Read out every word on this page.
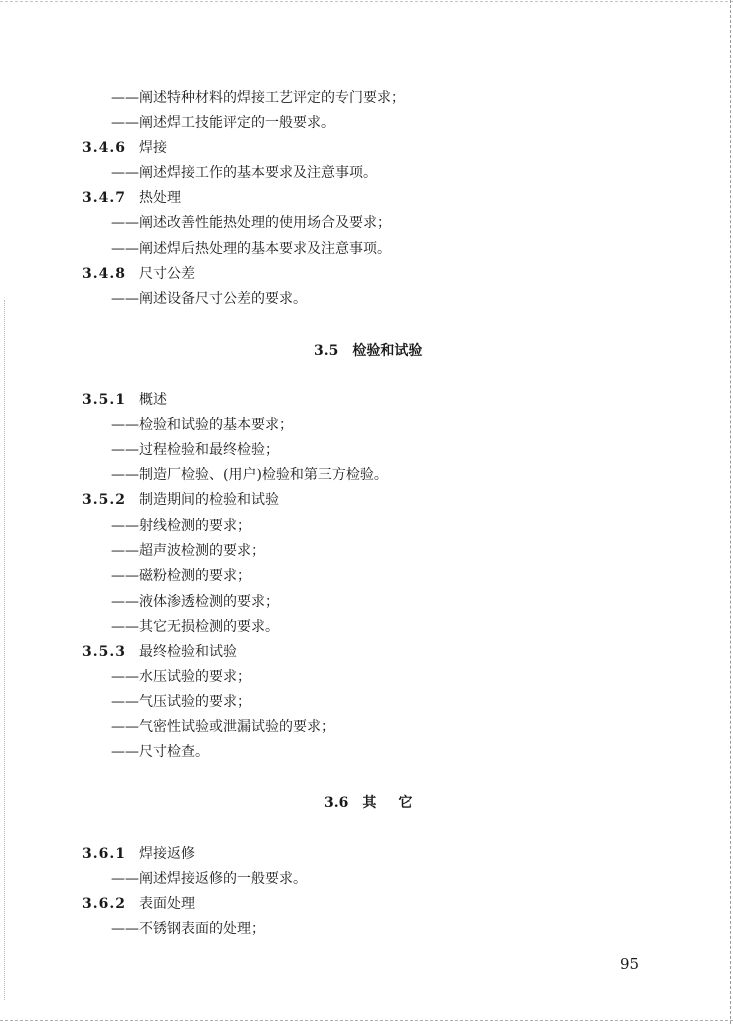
——阐述特种材料的焊接工艺评定的专门要求；
——阐述焊工技能评定的一般要求。
3.4.6 焊接
——阐述焊接工作的基本要求及注意事项。
3.4.7 热处理
——阐述改善性能热处理的使用场合及要求；
——阐述焊后热处理的基本要求及注意事项。
3.4.8 尺寸公差
——阐述设备尺寸公差的要求。
3.5 检验和试验
3.5.1 概述
——检验和试验的基本要求；
——过程检验和最终检验；
——制造厂检验、(用户)检验和第三方检验。
3.5.2 制造期间的检验和试验
——射线检测的要求；
——超声波检测的要求；
——磁粉检测的要求；
——液体渗透检测的要求；
——其它无损检测的要求。
3.5.3 最终检验和试验
——水压试验的要求；
——气压试验的要求；
——气密性试验或泄漏试验的要求；
——尺寸检查。
3.6 其它
3.6.1 焊接返修
——阐述焊接返修的一般要求。
3.6.2 表面处理
——不锈钢表面的处理；
95
